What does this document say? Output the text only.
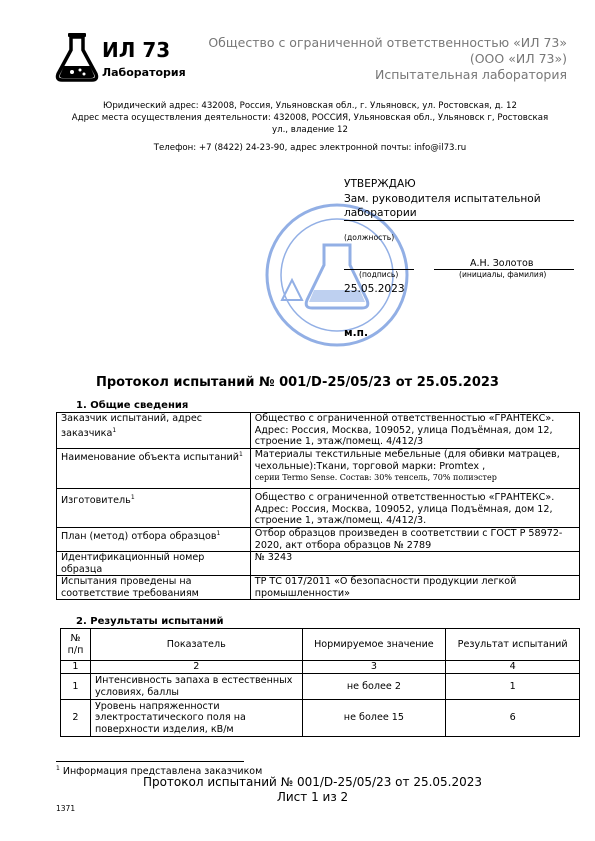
ИЛ 73
Лаборатория
Общество с ограниченной ответственностью «ИЛ 73»
(ООО «ИЛ 73»)
Испытательная лаборатория
Юридический адрес: 432008, Россия, Ульяновская обл., г. Ульяновск, ул. Ростовская, д. 12
Адрес места осуществления деятельности: 432008, РОССИЯ, Ульяновская обл., Ульяновск г, Ростовская
ул., владение 12
Телефон: +7 (8422) 24-23-90, адрес электронной почты: info@il73.ru
УТВЕРЖДАЮ
Зам. руководителя испытательной
лаборатории
(должность)
А.Н. Золотов
(подпись)	(инициалы, фамилия)
25.05.2023
м.п.
Протокол испытаний № 001/D-25/05/23 от 25.05.2023
1. Общие сведения
Заказчик испытаний, адрес заказчика$^1$	Общество с ограниченной ответственностью «ГРАНТЕКС». Адрес: Россия, Москва, 109052, улица Подъёмная, дом 12, строение 1, этаж/помещ. 4/412/3
Наименование объекта испытаний$^1$	Материалы текстильные мебельные (для обивки матрацев, чехольные):Ткани, торговой марки: Promtex ,
серии Termo Sense. Состав: 30% тенсель, 70% полиэстер
Изготовитель$^1$	Общество с ограниченной ответственностью «ГРАНТЕКС». Адрес: Россия, Москва, 109052, улица Подъёмная, дом 12, строение 1, этаж/помещ. 4/412/3.
План (метод) отбора образцов$^1$	Отбор образцов произведен в соответствии с ГОСТ Р 58972-2020, акт отбора образцов № 2789
Идентификационный номер образца	№ 3243
Испытания проведены на соответствие требованиям	ТР ТС 017/2011 «О безопасности продукции легкой промышленности»
2. Результаты испытаний
№ п/п	Показатель	Нормируемое значение	Результат испытаний
1	2	3	4
1	Интенсивность запаха в естественных условиях, баллы	не более 2	1
2	Уровень напряженности электростатического поля на поверхности изделия, кВ/м	не более 15	6
$^1$ Информация представлена заказчиком
Протокол испытаний № 001/D-25/05/23 от 25.05.2023
Лист 1 из 2
1371
